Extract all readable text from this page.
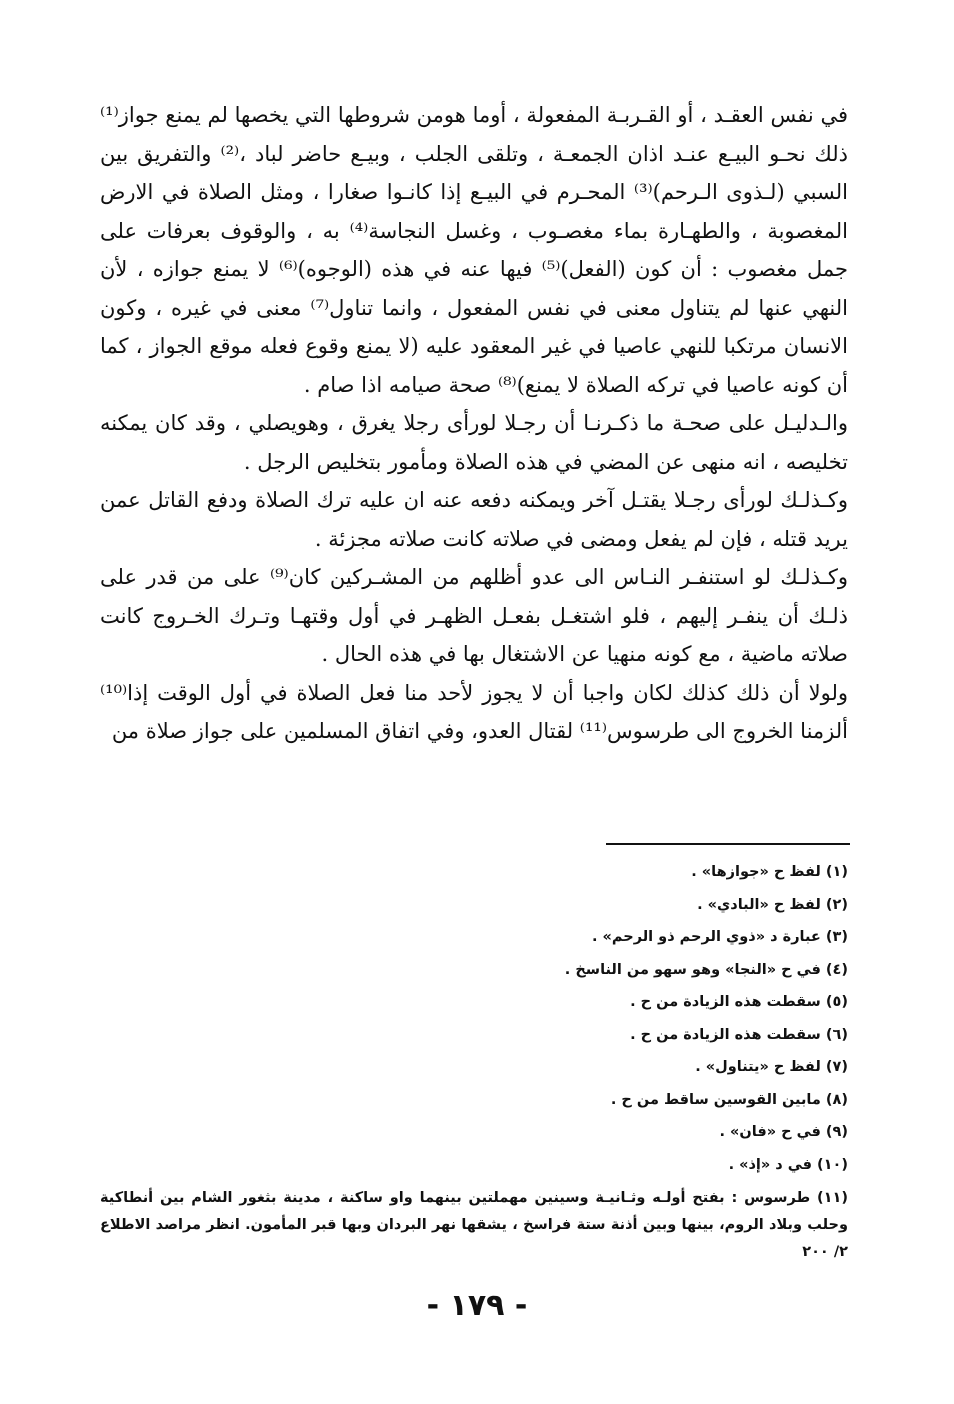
في نفس العقـد ، أو القـربـة المفعولة ، أوما هومن شروطها التي يخصها لم يمنع جواز⁽¹⁾ ذلك نحـو البيـع عنـد اذان الجمعـة ، وتلقى الجلب ، وبيـع حاضر لباد ،⁽²⁾ والتفريق بين السبي (لـذوى الـرحم)⁽³⁾ المحـرم في البيـع إذا كانـوا صغارا ، ومثل الصلاة في الارض المغصوبة ، والطهـارة بماء مغصـوب ، وغسل النجاسة⁽⁴⁾ به ، والوقوف بعرفات على جمل مغصوب : أن كون (الفعل)⁽⁵⁾ فيها عنه في هذه (الوجوه)⁽⁶⁾ لا يمنع جوازه ، لأن النهي عنها لم يتناول معنى في نفس المفعول ، وانما تناول⁽⁷⁾ معنى في غيره ، وكون الانسان مرتكبا للنهي عاصيا في غير المعقود عليه (لا يمنع وقوع فعله موقع الجواز ، كما أن كونه عاصيا في تركه الصلاة لا يمنع)⁽⁸⁾ صحة صيامه اذا صام .

والـدليـل على صحـة ما ذكـرنـا أن رجـلا لورأى رجلا يغرق ، وهويصلي ، وقد كان يمكنه تخليصه ، انه منهى عن المضي في هذه الصلاة ومأمور بتخليص الرجل .

وكـذلـك لورأى رجـلا يقتـل آخر ويمكنه دفعه عنه ان عليه ترك الصلاة ودفع القاتل عمن يريد قتله ، فإن لم يفعل ومضى في صلاته كانت صلاته مجزئة .

وكـذلـك لو استنفـر النـاس الى عدو أظلهم من المشـركين كان⁽⁹⁾ على من قدر على ذلـك أن ينفـر إليهم ، فلو اشتغـل بفعـل الظهـر في أول وقتهـا وتـرك الخـروج كانت صلاته ماضية ، مع كونه منهيا عن الاشتغال بها في هذه الحال .

ولولا أن ذلك كذلك لكان واجبا أن لا يجوز لأحد منا فعل الصلاة في أول الوقت إذا⁽¹⁰⁾ ألزمنا الخروج الى طرسوس⁽¹¹⁾ لقتال العدو، وفي اتفاق المسلمين على جواز صلاة من

(١) لفظ ح «جوازها» .

(٢) لفظ ح «البادي» .

(٣) عبارة د «ذوي الرحم ذو الرحم» .

(٤) في ح «النجا» وهو سهو من الناسخ .

(٥) سقطت هذه الزيادة من ح .

(٦) سقطت هذه الزيادة من ح .

(٧) لفظ ح «يتناول» .

(٨) مابين القوسين ساقط من ح .

(٩) في ح «فان» .

(١٠) في د «إذ» .

(١١) طرسوس : بفتح أولـه وثـانيـة وسينين مهملتين بينهما واو ساكنة ، مدينة بثغور الشام بين أنطاكية وحلب وبلاد الروم، بينها وبين أذنة ستة فراسخ ، يشقها نهر البردان وبها قبر المأمون. انظر مراصد الاطلاع ٢/ ٢٠٠

- ١٧٩ -
